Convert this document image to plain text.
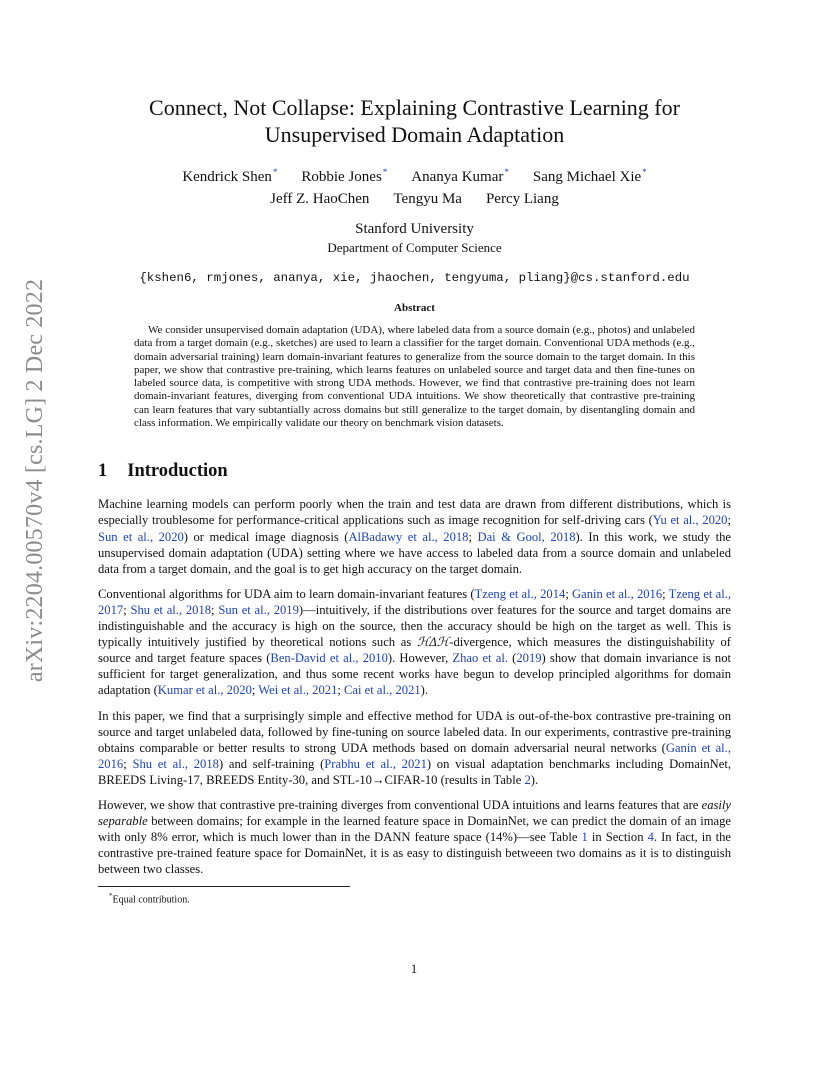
arXiv:2204.00570v4 [cs.LG] 2 Dec 2022
Connect, Not Collapse: Explaining Contrastive Learning for
Unsupervised Domain Adaptation
Kendrick Shen* Robbie Jones* Ananya Kumar* Sang Michael Xie*
Jeff Z. HaoChen Tengyu Ma Percy Liang
Stanford University
Department of Computer Science
{kshen6, rmjones, ananya, xie, jhaochen, tengyuma, pliang}@cs.stanford.edu
Abstract

We consider unsupervised domain adaptation (UDA), where labeled data from a source domain (e.g., photos) and unlabeled data from a target domain (e.g., sketches) are used to learn a classifier for the target domain. Conventional UDA methods (e.g., domain adversarial training) learn domain-invariant features to generalize from the source domain to the target domain. In this paper, we show that contrastive pre-training, which learns features on unlabeled source and target data and then fine-tunes on labeled source data, is competitive with strong UDA methods. However, we find that contrastive pre-training does not learn domain-invariant features, diverging from conventional UDA intuitions. We show theoretically that contrastive pre-training can learn features that vary subtantially across domains but still generalize to the target domain, by disentangling domain and class information. We empirically validate our theory on benchmark vision datasets.

1 Introduction

Machine learning models can perform poorly when the train and test data are drawn from different distributions, which is especially troublesome for performance-critical applications such as image recognition for self-driving cars (Yu et al., 2020; Sun et al., 2020) or medical image diagnosis (AlBadawy et al., 2018; Dai & Gool, 2018). In this work, we study the unsupervised domain adaptation (UDA) setting where we have access to labeled data from a source domain and unlabeled data from a target domain, and the goal is to get high accuracy on the target domain.

Conventional algorithms for UDA aim to learn domain-invariant features (Tzeng et al., 2014; Ganin et al., 2016; Tzeng et al., 2017; Shu et al., 2018; Sun et al., 2019)—intuitively, if the distributions over features for the source and target domains are indistinguishable and the accuracy is high on the source, then the accuracy should be high on the target as well. This is typically intuitively justified by theoretical notions such as ℋΔℋ-divergence, which measures the distinguishability of source and target feature spaces (Ben-David et al., 2010). However, Zhao et al. (2019) show that domain invariance is not sufficient for target generalization, and thus some recent works have begun to develop principled algorithms for domain adaptation (Kumar et al., 2020; Wei et al., 2021; Cai et al., 2021).

In this paper, we find that a surprisingly simple and effective method for UDA is out-of-the-box contrastive pre-training on source and target unlabeled data, followed by fine-tuning on source labeled data. In our experiments, contrastive pre-training obtains comparable or better results to strong UDA methods based on domain adversarial neural networks (Ganin et al., 2016; Shu et al., 2018) and self-training (Prabhu et al., 2021) on visual adaptation benchmarks including DomainNet, BREEDS Living-17, BREEDS Entity-30, and STL-10→CIFAR-10 (results in Table 2).

However, we show that contrastive pre-training diverges from conventional UDA intuitions and learns features that are easily separable between domains; for example in the learned feature space in DomainNet, we can predict the domain of an image with only 8% error, which is much lower than in the DANN feature space (14%)—see Table 1 in Section 4. In fact, in the contrastive pre-trained feature space for DomainNet, it is as easy to distinguish betweeen two domains as it is to distinguish between two classes.

*Equal contribution.
1
